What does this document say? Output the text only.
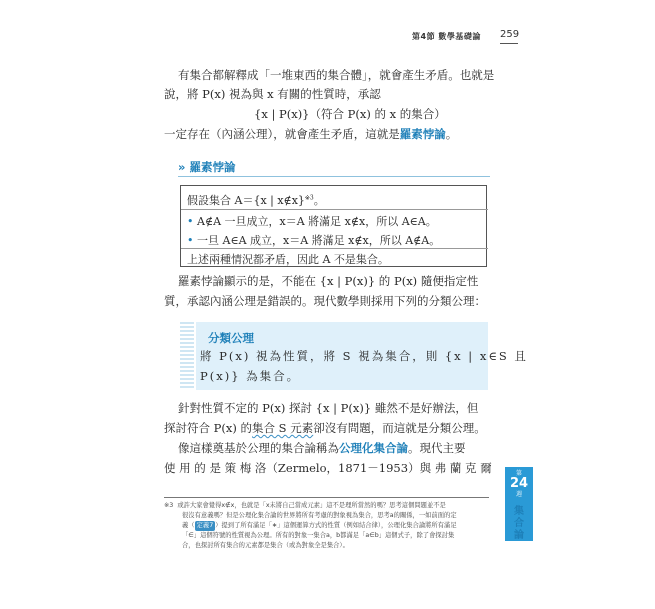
第4節 數學基礎論 259
有集合都解釋成「一堆東西的集合體」，就會產生矛盾。也就是
說，將 P(x) 視為與 x 有關的性質時，承認
{x | P(x)}（符合 P(x) 的 x 的集合）
一定存在（內涵公理），就會產生矛盾，這就是羅素悖論。
» 羅素悖論
假設集合 A＝{x | x∉x}$^{※3}$。
• A∉A 一旦成立，x＝A 將滿足 x∉x，所以 A∈A。
• 一旦 A∈A 成立，x＝A 將滿足 x∉x，所以 A∉A。
上述兩種情況都矛盾，因此 A 不是集合。
羅素悖論顯示的是，不能在 {x | P(x)} 的 P(x) 隨便指定性
質，承認內涵公理是錯誤的。現代數學則採用下列的分類公理：
分類公理
將 P(x) 視為性質，將 S 視為集合，則 {x | x∈S 且
P(x)} 為集合。
針對性質不定的 P(x) 探討 {x | P(x)} 雖然不是好辦法，但
探討符合 P(x) 的集合 S 元素卻沒有問題，而這就是分類公理。
像這樣奠基於公理的集合論稱為公理化集合論。現代主要
使 用 的 是 策 梅 洛（Zermelo，1871－1953）與 弗 蘭 克 爾	第
24
週
集
合
論
※3 或許大家會覺得x∉x，也就是「x未將自己當成元素」這不是理所當然的嗎？思考這個問題並不是
很沒有意義嗎？但是公理化集合論的世界將所有考慮的對象視為集合，思考a的關係，一如前面的定
義（ 定義7 ）提到了所有滿足「∗」這個運算方式的性質（例如結合律），公理化集合論將所有滿足
「∈」這個符號的性質視為公理。所有的對象一集合a，b都滿足「a∈b」這個式子，除了會探討集
合，也探討所有集合的元素都是集合（或為對象全是集合）。
